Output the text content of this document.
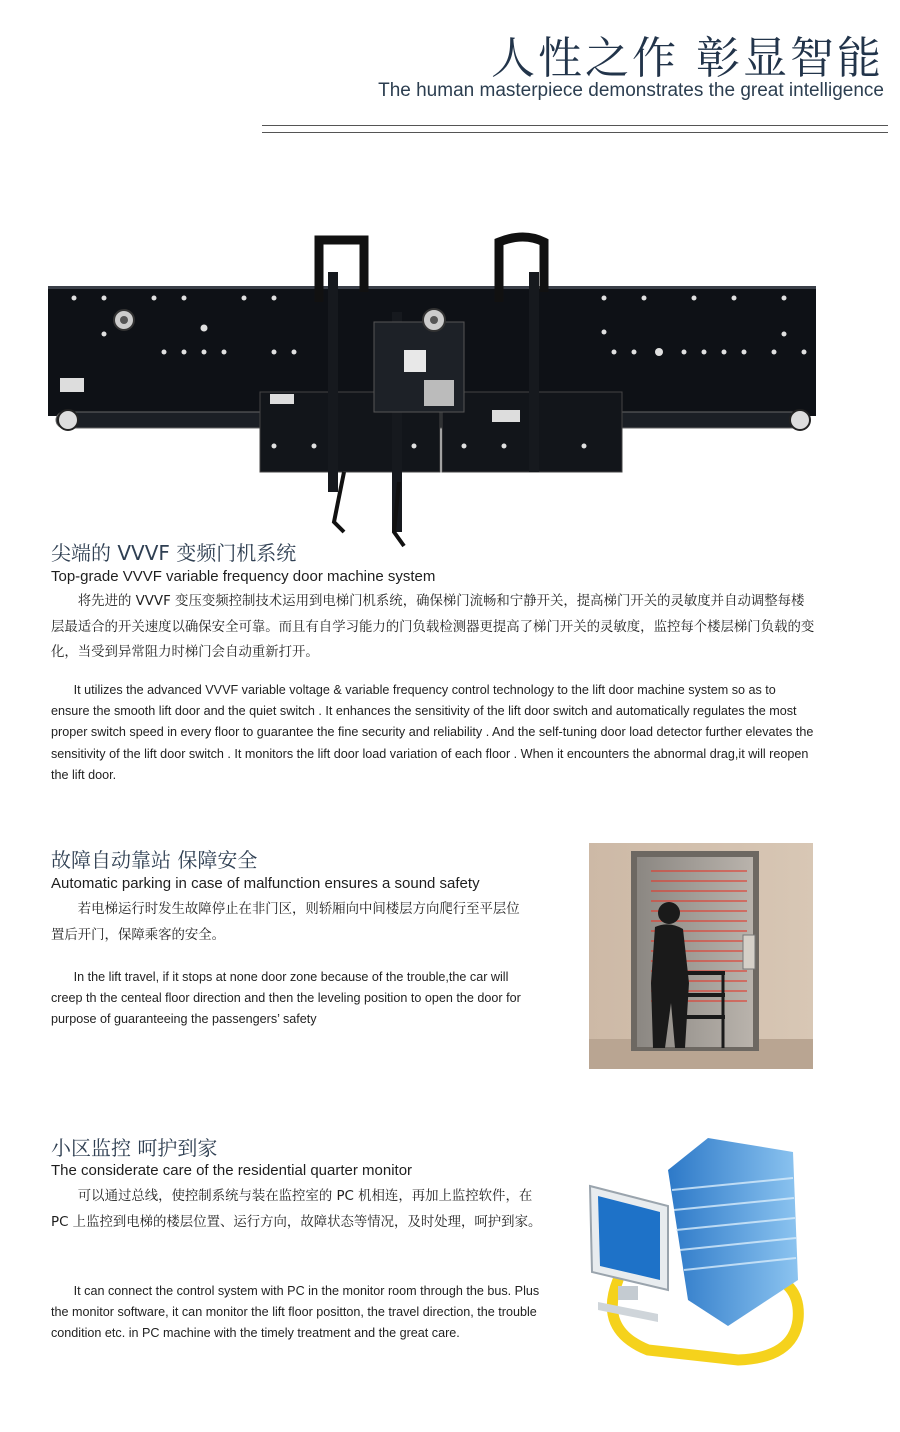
人性之作 彰显智能
The human masterpiece demonstrates the great intelligence
尖端的 VVVF 变频门机系统
Top-grade VVVF variable frequency door machine system

将先进的 VVVF 变压变频控制技术运用到电梯门机系统，确保梯门流畅和宁静开关，提高梯门开关的灵敏度并自动调整每楼层最适合的开关速度以确保安全可靠。而且有自学习能力的门负载检测器更提高了梯门开关的灵敏度，监控每个楼层梯门负载的变化，当受到异常阻力时梯门会自动重新打开。

It utilizes the advanced VVVF variable voltage & variable frequency control technology to the lift door machine system so as to ensure the smooth lift door and the quiet switch . It enhances the sensitivity of the lift door switch and automatically regulates the most proper switch speed in every floor to guarantee the fine security and reliability . And the self-tuning door load detector further elevates the sensitivity of the lift door switch . It monitors the lift door load variation of each floor . When it encounters the abnormal drag,it will reopen the lift door.

故障自动靠站 保障安全
Automatic parking in case of malfunction ensures a sound safety

若电梯运行时发生故障停止在非门区，则轿厢向中间楼层方向爬行至平层位置后开门，保障乘客的安全。

In the lift travel, if it stops at none door zone because of the trouble,the car will creep th the centeal floor direction and then the leveling position to open the door for purpose of guaranteeing the passengers’ safety

小区监控 呵护到家
The considerate care of the residential quarter monitor

可以通过总线，使控制系统与装在监控室的 PC 机相连，再加上监控软件，在 PC 上监控到电梯的楼层位置、运行方向，故障状态等情况，及时处理，呵护到家。

It can connect the control system with PC in the monitor room through the bus. Plus the monitor software, it can monitor the lift floor positton, the travel direction, the trouble condition etc. in PC machine with the timely treatment and the great care.
